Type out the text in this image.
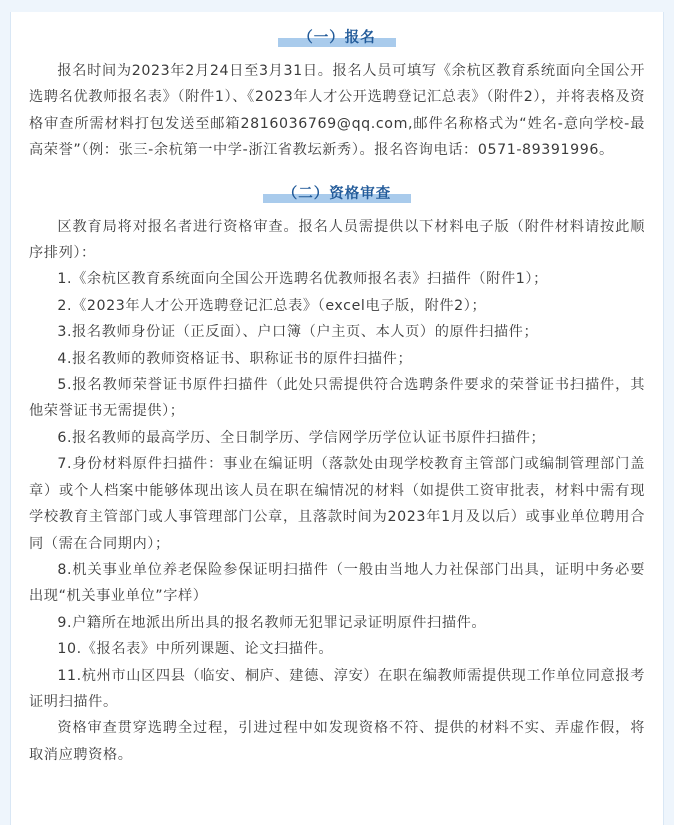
（一）报名

报名时间为2023年2月24日至3月31日。报名人员可填写《余杭区教育系统面向全国公开选聘名优教师报名表》（附件1）、《2023年人才公开选聘登记汇总表》（附件2），并将表格及资格审查所需材料打包发送至邮箱2816036769@qq.com,邮件名称格式为“姓名-意向学校-最高荣誉”（例：张三-余杭第一中学-浙江省教坛新秀）。报名咨询电话：0571-89391996。

（二）资格审查

区教育局将对报名者进行资格审查。报名人员需提供以下材料电子版（附件材料请按此顺序排列）：

1.《余杭区教育系统面向全国公开选聘名优教师报名表》扫描件（附件1）；

2.《2023年人才公开选聘登记汇总表》（excel电子版，附件2）；

3.报名教师身份证（正反面）、户口簿（户主页、本人页）的原件扫描件；

4.报名教师的教师资格证书、职称证书的原件扫描件；

5.报名教师荣誉证书原件扫描件（此处只需提供符合选聘条件要求的荣誉证书扫描件，其他荣誉证书无需提供）；

6.报名教师的最高学历、全日制学历、学信网学历学位认证书原件扫描件；

7.身份材料原件扫描件：事业在编证明（落款处由现学校教育主管部门或编制管理部门盖章）或个人档案中能够体现出该人员在职在编情况的材料（如提供工资审批表，材料中需有现学校教育主管部门或人事管理部门公章，且落款时间为2023年1月及以后）或事业单位聘用合同（需在合同期内）；

8.机关事业单位养老保险参保证明扫描件（一般由当地人力社保部门出具，证明中务必要出现“机关事业单位”字样）

9.户籍所在地派出所出具的报名教师无犯罪记录证明原件扫描件。

10.《报名表》中所列课题、论文扫描件。

11.杭州市山区四县（临安、桐庐、建德、淳安）在职在编教师需提供现工作单位同意报考证明扫描件。

资格审查贯穿选聘全过程，引进过程中如发现资格不符、提供的材料不实、弄虚作假，将取消应聘资格。
